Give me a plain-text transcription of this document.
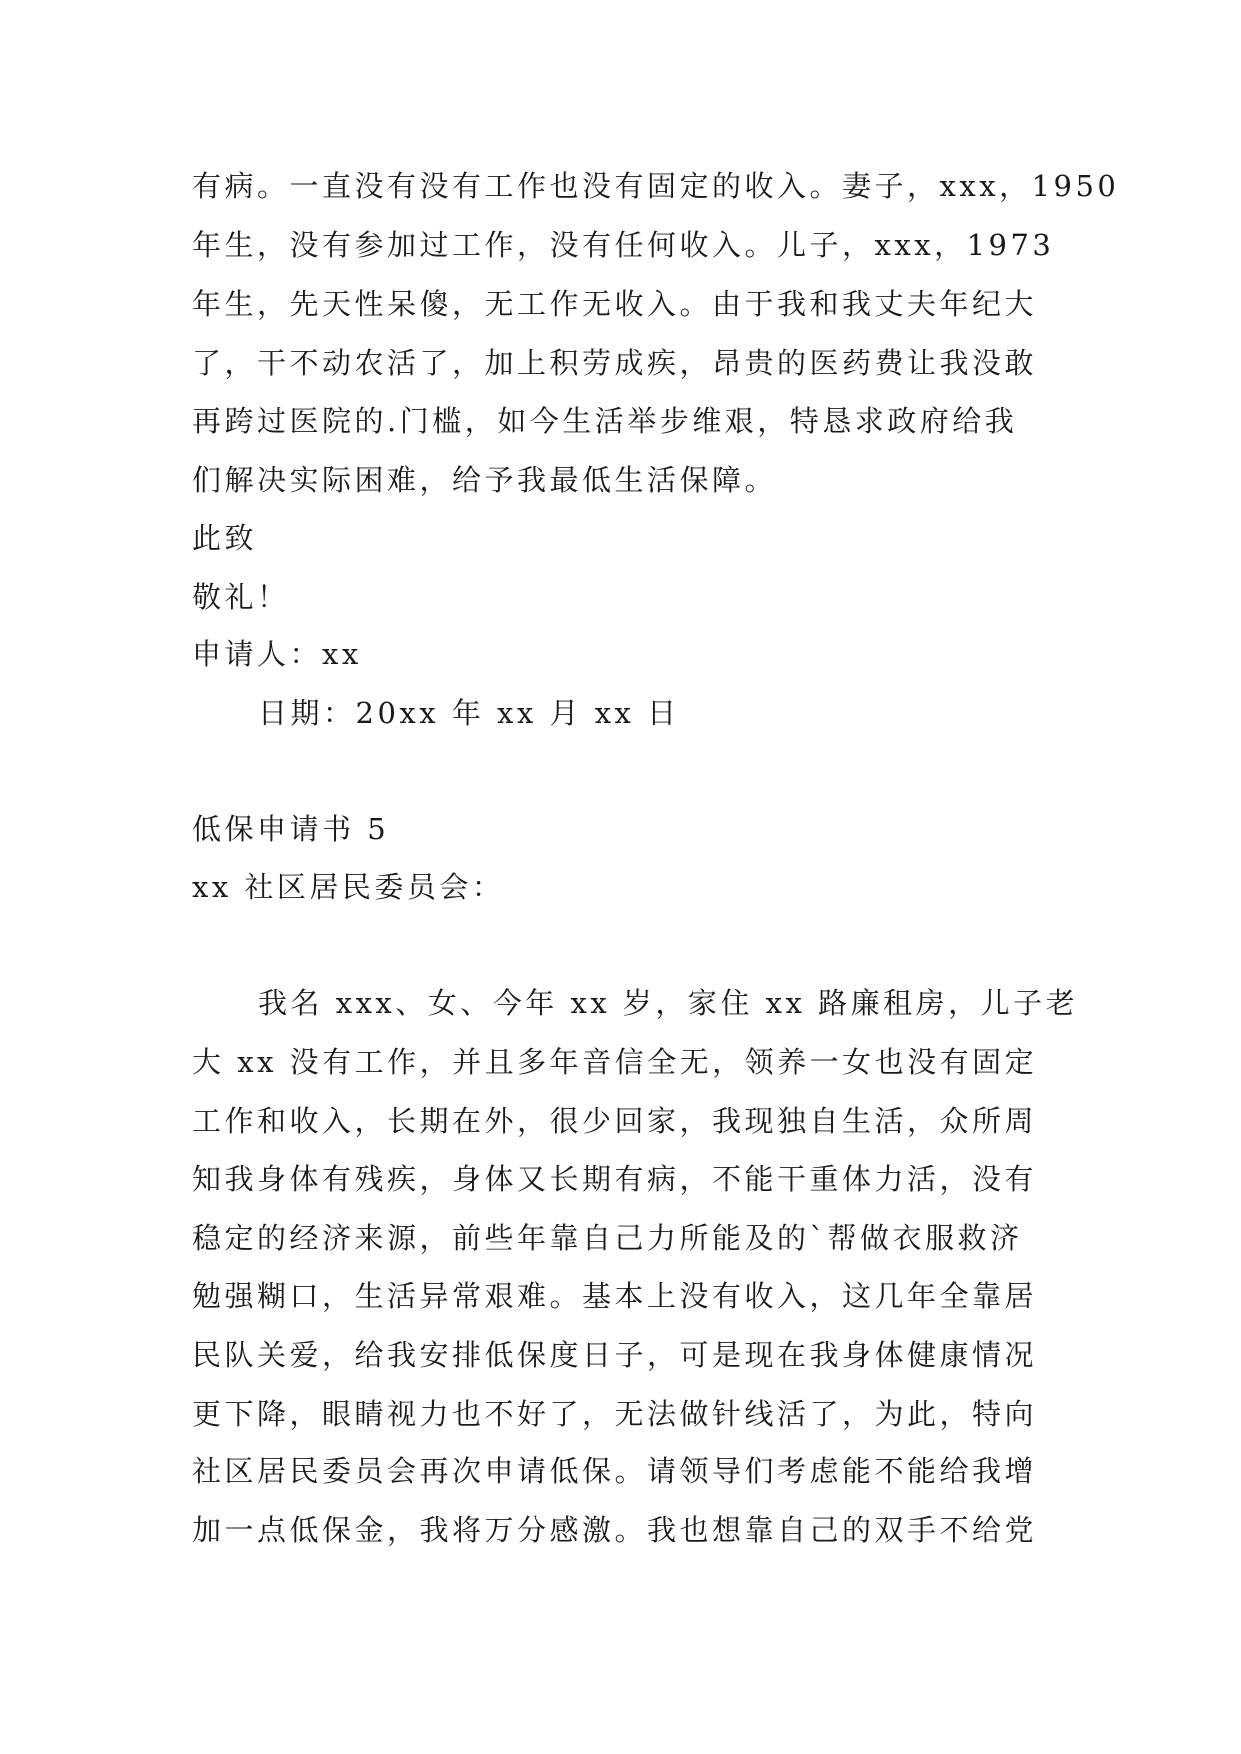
有病。一直没有没有工作也没有固定的收入。妻子，xxx，1950
年生，没有参加过工作，没有任何收入。儿子，xxx，1973
年生，先天性呆傻，无工作无收入。由于我和我丈夫年纪大
了，干不动农活了，加上积劳成疾，昂贵的医药费让我没敢
再跨过医院的.门槛，如今生活举步维艰，特恳求政府给我
们解决实际困难，给予我最低生活保障。
此致
敬礼！
申请人：xx
日期：20xx 年 xx 月 xx 日
低保申请书 5
xx 社区居民委员会：
我名 xxx、女、今年 xx 岁，家住 xx 路廉租房，儿子老
大 xx 没有工作，并且多年音信全无，领养一女也没有固定
工作和收入，长期在外，很少回家，我现独自生活，众所周
知我身体有残疾，身体又长期有病，不能干重体力活，没有
稳定的经济来源，前些年靠自己力所能及的`帮做衣服救济
勉强糊口，生活异常艰难。基本上没有收入，这几年全靠居
民队关爱，给我安排低保度日子，可是现在我身体健康情况
更下降，眼睛视力也不好了，无法做针线活了，为此，特向
社区居民委员会再次申请低保。请领导们考虑能不能给我增
加一点低保金，我将万分感激。我也想靠自己的双手不给党
